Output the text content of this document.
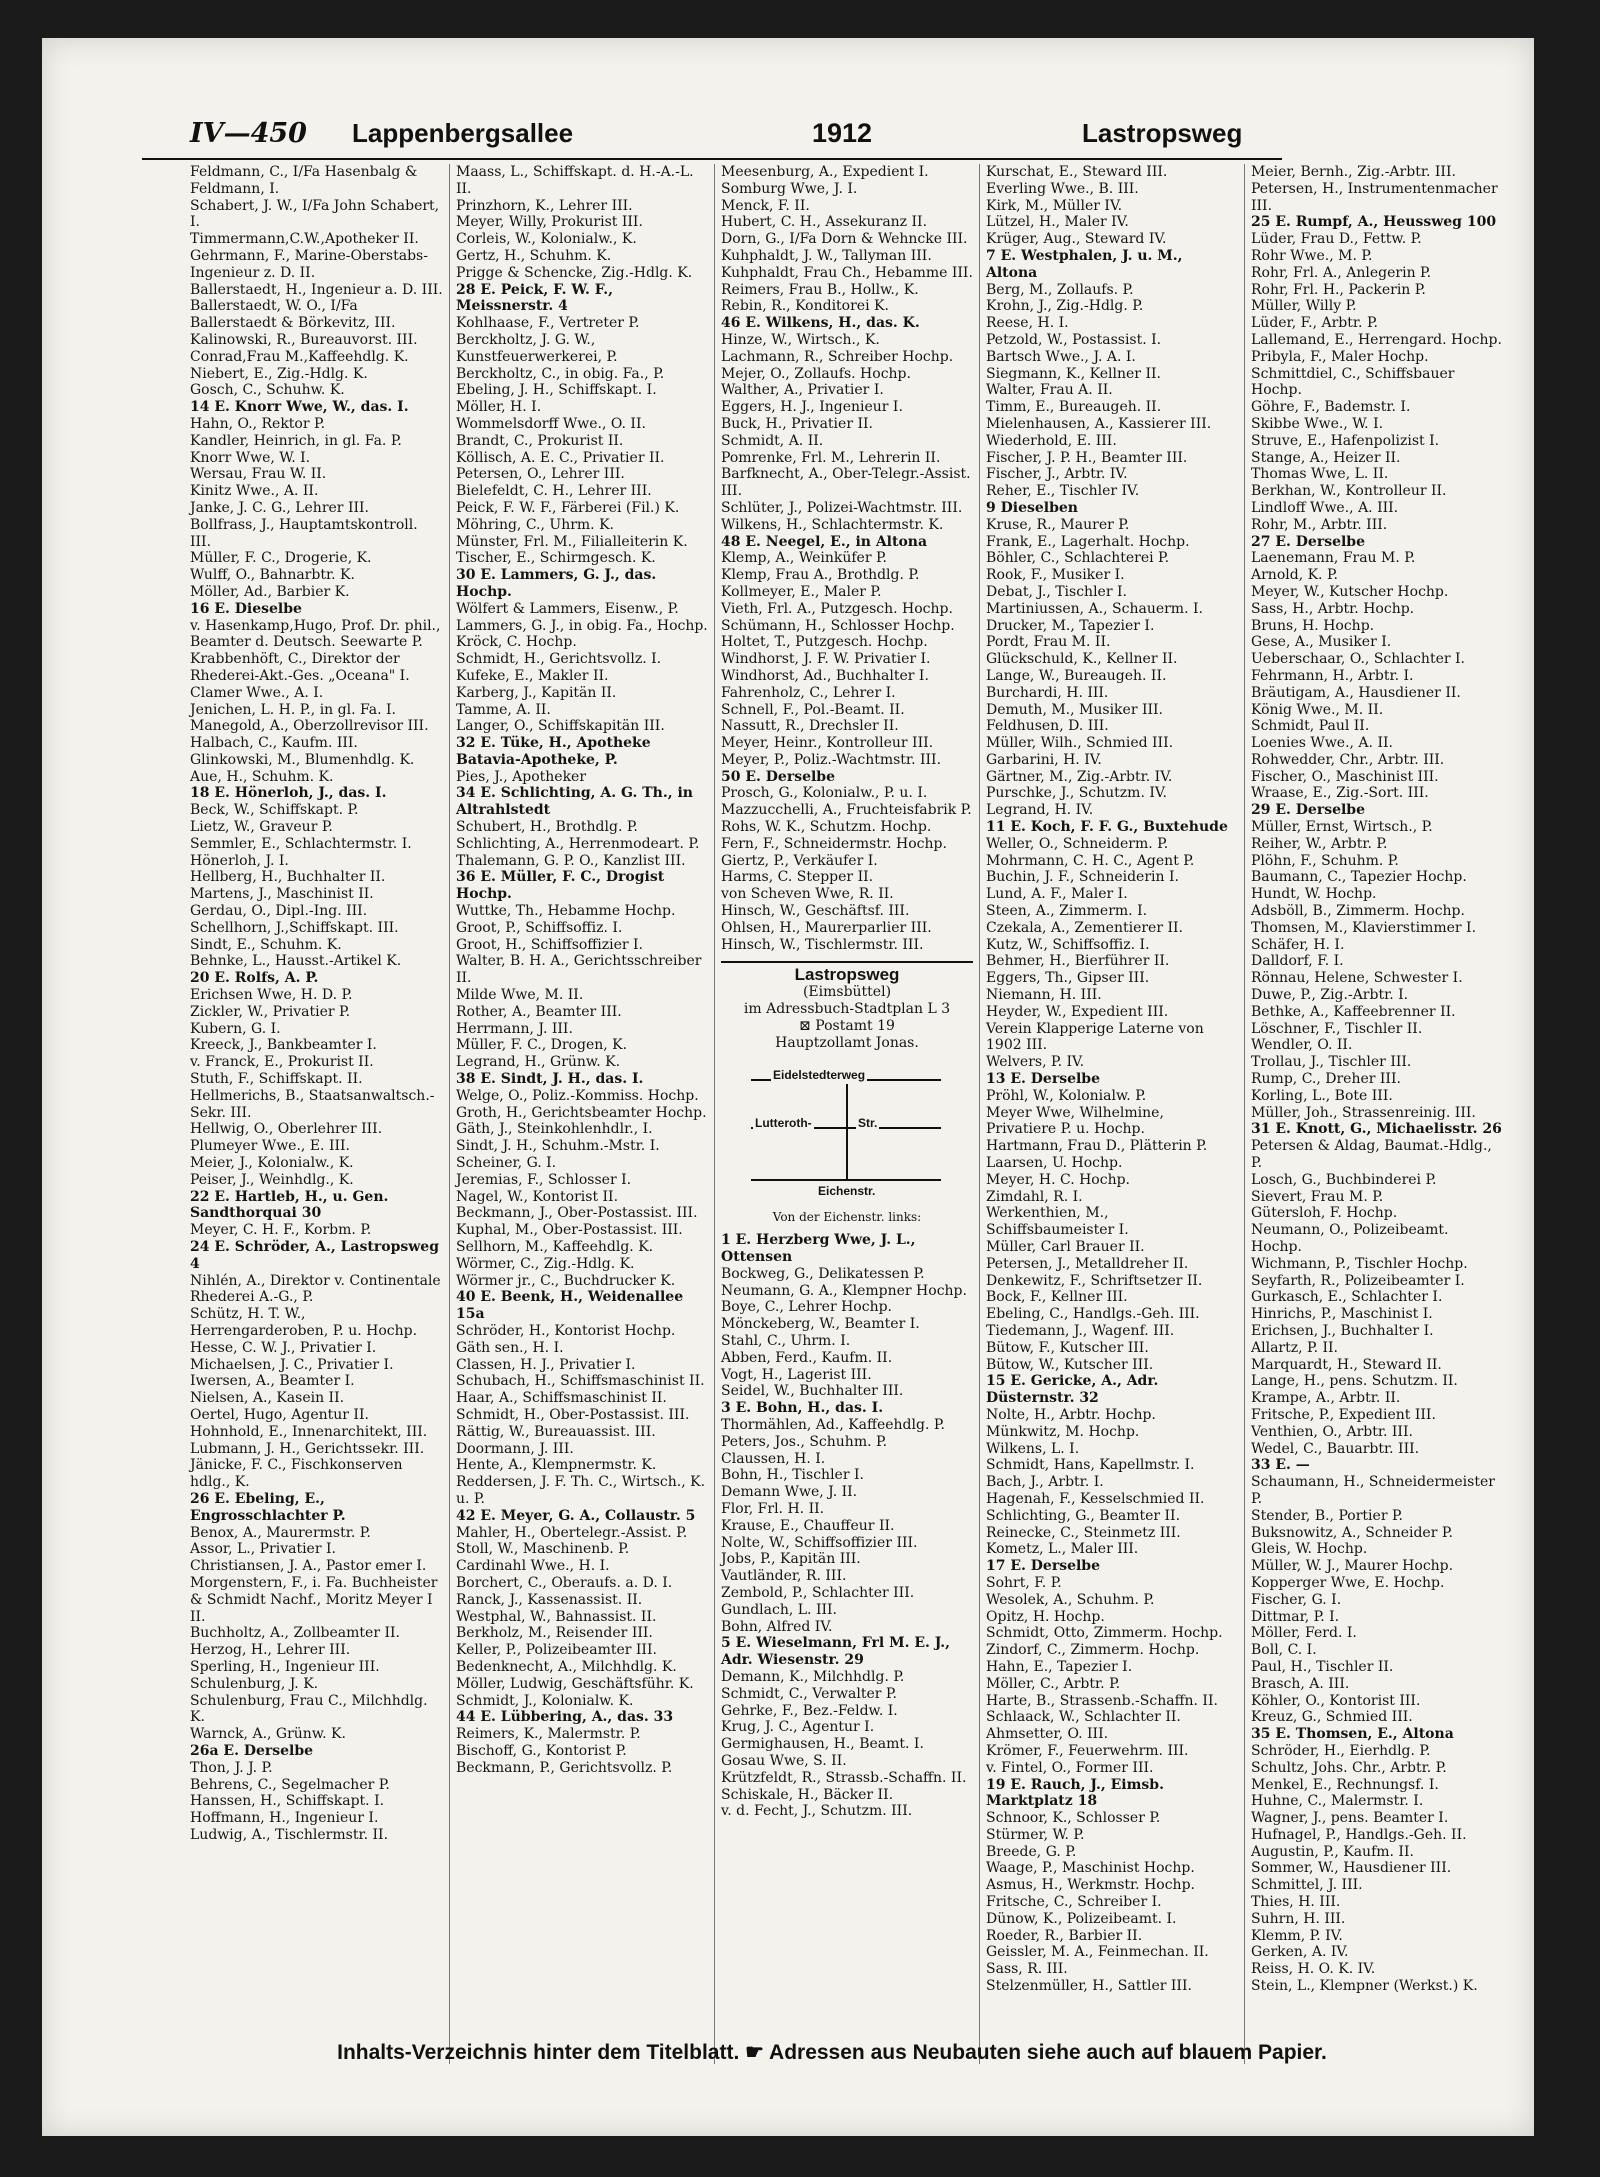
IV—450 Lappenbergsallee	1912	Lastropsweg

Feldmann, C., I/Fa Hasenbalg & Feldmann, I.

Schabert, J. W., I/Fa John Schabert, I.

Timmermann,C.W.,Apotheker II.

Gehrmann, F., Marine-Oberstabs-Ingenieur z. D. II.

Ballerstaedt, H., Ingenieur a. D. III.

Ballerstaedt, W. O., I/Fa Ballerstaedt & Börkevitz, III.

Kalinowski, R., Bureauvorst. III.

Conrad,Frau M.,Kaffeehdlg. K.

Niebert, E., Zig.-Hdlg. K.

Gosch, C., Schuhw. K.

14 E. Knorr Wwe, W., das. I.

Hahn, O., Rektor P.

Kandler, Heinrich, in gl. Fa. P.

Knorr Wwe, W. I.

Wersau, Frau W. II.

Kinitz Wwe., A. II.

Janke, J. C. G., Lehrer III.

Bollfrass, J., Hauptamtskontroll. III.

Müller, F. C., Drogerie, K.

Wulff, O., Bahnarbtr. K.

Möller, Ad., Barbier K.

16 E. Dieselbe

v. Hasenkamp,Hugo, Prof. Dr. phil., Beamter d. Deutsch. Seewarte P.

Krabbenhöft, C., Direktor der Rhederei-Akt.-Ges. „Oceana" I.

Clamer Wwe., A. I.

Jenichen, L. H. P., in gl. Fa. I.

Manegold, A., Oberzollrevisor III.

Halbach, C., Kaufm. III.

Glinkowski, M., Blumenhdlg. K.

Aue, H., Schuhm. K.

18 E. Hönerloh, J., das. I.

Beck, W., Schiffskapt. P.

Lietz, W., Graveur P.

Semmler, E., Schlachtermstr. I.

Hönerloh, J. I.

Hellberg, H., Buchhalter II.

Martens, J., Maschinist II.

Gerdau, O., Dipl.-Ing. III.

Schellhorn, J.,Schiffskapt. III.

Sindt, E., Schuhm. K.

Behnke, L., Hausst.-Artikel K.

20 E. Rolfs, A. P.

Erichsen Wwe, H. D. P.

Zickler, W., Privatier P.

Kubern, G. I.

Kreeck, J., Bankbeamter I.

v. Franck, E., Prokurist II.

Stuth, F., Schiffskapt. II.

Hellmerichs, B., Staatsanwaltsch.-Sekr. III.

Hellwig, O., Oberlehrer III.

Plumeyer Wwe., E. III.

Meier, J., Kolonialw., K.

Peiser, J., Weinhdlg., K.

22 E. Hartleb, H., u. Gen. Sandthorquai 30

Meyer, C. H. F., Korbm. P.

24 E. Schröder, A., Lastropsweg 4

Nihlén, A., Direktor v. Continentale Rhederei A.-G., P.

Schütz, H. T. W., Herrengarderoben, P. u. Hochp.

Hesse, C. W. J., Privatier I.

Michaelsen, J. C., Privatier I.

Iwersen, A., Beamter I.

Nielsen, A., Kasein II.

Oertel, Hugo, Agentur II.

Hohnhold, E., Innenarchitekt, III.

Lubmann, J. H., Gerichtssekr. III.

Jänicke, F. C., Fischkonserven hdlg., K.

26 E. Ebeling, E., Engrosschlachter P.

Benox, A., Maurermstr. P.

Assor, L., Privatier I.

Christiansen, J. A., Pastor emer I.

Morgenstern, F., i. Fa. Buchheister & Schmidt Nachf., Moritz Meyer I II.

Buchholtz, A., Zollbeamter II.

Herzog, H., Lehrer III.

Sperling, H., Ingenieur III.

Schulenburg, J. K.

Schulenburg, Frau C., Milchhdlg. K.

Warnck, A., Grünw. K.

26a E. Derselbe

Thon, J. J. P.

Behrens, C., Segelmacher P.

Hanssen, H., Schiffskapt. I.

Hoffmann, H., Ingenieur I.

Ludwig, A., Tischlermstr. II.

Maass, L., Schiffskapt. d. H.-A.-L. II.

Prinzhorn, K., Lehrer III.

Meyer, Willy, Prokurist III.

Corleis, W., Kolonialw., K.

Gertz, H., Schuhm. K.

Prigge & Schencke, Zig.-Hdlg. K.

28 E. Peick, F. W. F., Meissnerstr. 4

Kohlhaase, F., Vertreter P.

Berckholtz, J. G. W., Kunstfeuerwerkerei, P.

Berckholtz, C., in obig. Fa., P.

Ebeling, J. H., Schiffskapt. I.

Möller, H. I.

Wommelsdorff Wwe., O. II.

Brandt, C., Prokurist II.

Köllisch, A. E. C., Privatier II.

Petersen, O., Lehrer III.

Bielefeldt, C. H., Lehrer III.

Peick, F. W. F., Färberei (Fil.) K.

Möhring, C., Uhrm. K.

Münster, Frl. M., Filialleiterin K.

Tischer, E., Schirmgesch. K.

30 E. Lammers, G. J., das. Hochp.

Wölfert & Lammers, Eisenw., P.

Lammers, G. J., in obig. Fa., Hochp.

Kröck, C. Hochp.

Schmidt, H., Gerichtsvollz. I.

Kufeke, E., Makler II.

Karberg, J., Kapitän II.

Tamme, A. II.

Langer, O., Schiffskapitän III.

32 E. Tüke, H., Apotheke Batavia-Apotheke, P.

Pies, J., Apotheker

34 E. Schlichting, A. G. Th., in Altrahlstedt

Schubert, H., Brothdlg. P.

Schlichting, A., Herrenmodeart. P.

Thalemann, G. P. O., Kanzlist III.

36 E. Müller, F. C., Drogist Hochp.

Wuttke, Th., Hebamme Hochp.

Groot, P., Schiffsoffiz. I.

Groot, H., Schiffsoffizier I.

Walter, B. H. A., Gerichtsschreiber II.

Milde Wwe, M. II.

Rother, A., Beamter III.

Herrmann, J. III.

Müller, F. C., Drogen, K.

Legrand, H., Grünw. K.

38 E. Sindt, J. H., das. I.

Welge, O., Poliz.-Kommiss. Hochp.

Groth, H., Gerichtsbeamter Hochp.

Gäth, J., Steinkohlenhdlr., I.

Sindt, J. H., Schuhm.-Mstr. I.

Scheiner, G. I.

Jeremias, F., Schlosser I.

Nagel, W., Kontorist II.

Beckmann, J., Ober-Postassist. III.

Kuphal, M., Ober-Postassist. III.

Sellhorn, M., Kaffeehdlg. K.

Wörmer, C., Zig.-Hdlg. K.

Wörmer jr., C., Buchdrucker K.

40 E. Beenk, H., Weidenallee 15a

Schröder, H., Kontorist Hochp.

Gäth sen., H. I.

Classen, H. J., Privatier I.

Schubach, H., Schiffsmaschinist II.

Haar, A., Schiffsmaschinist II.

Schmidt, H., Ober-Postassist. III.

Rättig, W., Bureauassist. III.

Doormann, J. III.

Hente, A., Klempnermstr. K.

Reddersen, J. F. Th. C., Wirtsch., K. u. P.

42 E. Meyer, G. A., Collaustr. 5

Mahler, H., Obertelegr.-Assist. P.

Stoll, W., Maschinenb. P.

Cardinahl Wwe., H. I.

Borchert, C., Oberaufs. a. D. I.

Ranck, J., Kassenassist. II.

Westphal, W., Bahnassist. II.

Berkholz, M., Reisender III.

Keller, P., Polizeibeamter III.

Bedenknecht, A., Milchhdlg. K.

Möller, Ludwig, Geschäftsführ. K.

Schmidt, J., Kolonialw. K.

44 E. Lübbering, A., das. 33

Reimers, K., Malermstr. P.

Bischoff, G., Kontorist P.

Beckmann, P., Gerichtsvollz. P.

Meesenburg, A., Expedient I.

Somburg Wwe, J. I.

Menck, F. II.

Hubert, C. H., Assekuranz II.

Dorn, G., I/Fa Dorn & Wehncke III.

Kuhphaldt, J. W., Tallyman III.

Kuhphaldt, Frau Ch., Hebamme III.

Reimers, Frau B., Hollw., K.

Rebin, R., Konditorei K.

46 E. Wilkens, H., das. K.

Hinze, W., Wirtsch., K.

Lachmann, R., Schreiber Hochp.

Mejer, O., Zollaufs. Hochp.

Walther, A., Privatier I.

Eggers, H. J., Ingenieur I.

Buck, H., Privatier II.

Schmidt, A. II.

Pomrenke, Frl. M., Lehrerin II.

Barfknecht, A., Ober-Telegr.-Assist. III.

Schlüter, J., Polizei-Wachtmstr. III.

Wilkens, H., Schlachtermstr. K.

48 E. Neegel, E., in Altona

Klemp, A., Weinküfer P.

Klemp, Frau A., Brothdlg. P.

Kollmeyer, E., Maler P.

Vieth, Frl. A., Putzgesch. Hochp.

Schümann, H., Schlosser Hochp.

Holtet, T., Putzgesch. Hochp.

Windhorst, J. F. W. Privatier I.

Windhorst, Ad., Buchhalter I.

Fahrenholz, C., Lehrer I.

Schnell, F., Pol.-Beamt. II.

Nassutt, R., Drechsler II.

Meyer, Heinr., Kontrolleur III.

Meyer, P., Poliz.-Wachtmstr. III.

50 E. Derselbe

Prosch, G., Kolonialw., P. u. I.

Mazzucchelli, A., Fruchteisfabrik P.

Rohs, W. K., Schutzm. Hochp.

Fern, F., Schneidermstr. Hochp.

Giertz, P., Verkäufer I.

Harms, C. Stepper II.

von Scheven Wwe, R. II.

Hinsch, W., Geschäftsf. III.

Ohlsen, H., Maurerparlier III.

Hinsch, W., Tischlermstr. III.

Lastropsweg
(Eimsbüttel)
im Adressbuch-Stadtplan L 3
⊠ Postamt 19
Hauptzollamt Jonas.
Eidelstedterweg
Lutteroth-	Str.
Eichenstr.
Von der Eichenstr. links:

1 E. Herzberg Wwe, J. L., Ottensen

Bockweg, G., Delikatessen P.

Neumann, G. A., Klempner Hochp.

Boye, C., Lehrer Hochp.

Mönckeberg, W., Beamter I.

Stahl, C., Uhrm. I.

Abben, Ferd., Kaufm. II.

Vogt, H., Lagerist III.

Seidel, W., Buchhalter III.

3 E. Bohn, H., das. I.

Thormählen, Ad., Kaffeehdlg. P.

Peters, Jos., Schuhm. P.

Claussen, H. I.

Bohn, H., Tischler I.

Demann Wwe, J. II.

Flor, Frl. H. II.

Krause, E., Chauffeur II.

Nolte, W., Schiffsoffizier III.

Jobs, P., Kapitän III.

Vautländer, R. III.

Zembold, P., Schlachter III.

Gundlach, L. III.

Bohn, Alfred IV.

5 E. Wieselmann, Frl M. E. J., Adr. Wiesenstr. 29

Demann, K., Milchhdlg. P.

Schmidt, C., Verwalter P.

Gehrke, F., Bez.-Feldw. I.

Krug, J. C., Agentur I.

Germighausen, H., Beamt. I.

Gosau Wwe, S. II.

Krützfeldt, R., Strassb.-Schaffn. II.

Schiskale, H., Bäcker II.

v. d. Fecht, J., Schutzm. III.

Kurschat, E., Steward III.

Everling Wwe., B. III.

Kirk, M., Müller IV.

Lützel, H., Maler IV.

Krüger, Aug., Steward IV.

7 E. Westphalen, J. u. M., Altona

Berg, M., Zollaufs. P.

Krohn, J., Zig.-Hdlg. P.

Reese, H. I.

Petzold, W., Postassist. I.

Bartsch Wwe., J. A. I.

Siegmann, K., Kellner II.

Walter, Frau A. II.

Timm, E., Bureaugeh. II.

Mielenhausen, A., Kassierer III.

Wiederhold, E. III.

Fischer, J. P. H., Beamter III.

Fischer, J., Arbtr. IV.

Reher, E., Tischler IV.

9 Dieselben

Kruse, R., Maurer P.

Frank, E., Lagerhalt. Hochp.

Böhler, C., Schlachterei P.

Rook, F., Musiker I.

Debat, J., Tischler I.

Martiniussen, A., Schauerm. I.

Drucker, M., Tapezier I.

Pordt, Frau M. II.

Glückschuld, K., Kellner II.

Lange, W., Bureaugeh. II.

Burchardi, H. III.

Demuth, M., Musiker III.

Feldhusen, D. III.

Müller, Wilh., Schmied III.

Garbarini, H. IV.

Gärtner, M., Zig.-Arbtr. IV.

Purschke, J., Schutzm. IV.

Legrand, H. IV.

11 E. Koch, F. F. G., Buxtehude

Weller, O., Schneiderm. P.

Mohrmann, C. H. C., Agent P.

Buchin, J. F., Schneiderin I.

Lund, A. F., Maler I.

Steen, A., Zimmerm. I.

Czekala, A., Zementierer II.

Kutz, W., Schiffsoffiz. I.

Behmer, H., Bierführer II.

Eggers, Th., Gipser III.

Niemann, H. III.

Heyder, W., Expedient III.

Verein Klapperige Laterne von 1902 III.

Welvers, P. IV.

13 E. Derselbe

Pröhl, W., Kolonialw. P.

Meyer Wwe, Wilhelmine, Privatiere P. u. Hochp.

Hartmann, Frau D., Plätterin P.

Laarsen, U. Hochp.

Meyer, H. C. Hochp.

Zimdahl, R. I.

Werkenthien, M., Schiffsbaumeister I.

Müller, Carl Brauer II.

Petersen, J., Metalldreher II.

Denkewitz, F., Schriftsetzer II.

Bock, F., Kellner III.

Ebeling, C., Handlgs.-Geh. III.

Tiedemann, J., Wagenf. III.

Bütow, F., Kutscher III.

Bütow, W., Kutscher III.

15 E. Gericke, A., Adr. Düsternstr. 32

Nolte, H., Arbtr. Hochp.

Münkwitz, M. Hochp.

Wilkens, L. I.

Schmidt, Hans, Kapellmstr. I.

Bach, J., Arbtr. I.

Hagenah, F., Kesselschmied II.

Schlichting, G., Beamter II.

Reinecke, C., Steinmetz III.

Kometz, L., Maler III.

17 E. Derselbe

Sohrt, F. P.

Wesolek, A., Schuhm. P.

Opitz, H. Hochp.

Schmidt, Otto, Zimmerm. Hochp.

Zindorf, C., Zimmerm. Hochp.

Hahn, E., Tapezier I.

Möller, C., Arbtr. P.

Harte, B., Strassenb.-Schaffn. II.

Schlaack, W., Schlachter II.

Ahmsetter, O. III.

Krömer, F., Feuerwehrm. III.

v. Fintel, O., Former III.

19 E. Rauch, J., Eimsb. Marktplatz 18

Schnoor, K., Schlosser P.

Stürmer, W. P.

Breede, G. P.

Waage, P., Maschinist Hochp.

Asmus, H., Werkmstr. Hochp.

Fritsche, C., Schreiber I.

Dünow, K., Polizeibeamt. I.

Roeder, R., Barbier II.

Geissler, M. A., Feinmechan. II.

Sass, R. III.

Stelzenmüller, H., Sattler III.

Meier, Bernh., Zig.-Arbtr. III.

Petersen, H., Instrumentenmacher III.

25 E. Rumpf, A., Heussweg 100

Lüder, Frau D., Fettw. P.

Rohr Wwe., M. P.

Rohr, Frl. A., Anlegerin P.

Rohr, Frl. H., Packerin P.

Müller, Willy P.

Lüder, F., Arbtr. P.

Lallemand, E., Herrengard. Hochp.

Pribyla, F., Maler Hochp.

Schmittdiel, C., Schiffsbauer Hochp.

Göhre, F., Bademstr. I.

Skibbe Wwe., W. I.

Struve, E., Hafenpolizist I.

Stange, A., Heizer II.

Thomas Wwe, L. II.

Berkhan, W., Kontrolleur II.

Lindloff Wwe., A. III.

Rohr, M., Arbtr. III.

27 E. Derselbe

Laenemann, Frau M. P.

Arnold, K. P.

Meyer, W., Kutscher Hochp.

Sass, H., Arbtr. Hochp.

Bruns, H. Hochp.

Gese, A., Musiker I.

Ueberschaar, O., Schlachter I.

Fehrmann, H., Arbtr. I.

Bräutigam, A., Hausdiener II.

König Wwe., M. II.

Schmidt, Paul II.

Loenies Wwe., A. II.

Rohwedder, Chr., Arbtr. III.

Fischer, O., Maschinist III.

Wraase, E., Zig.-Sort. III.

29 E. Derselbe

Müller, Ernst, Wirtsch., P.

Reiher, W., Arbtr. P.

Plöhn, F., Schuhm. P.

Baumann, C., Tapezier Hochp.

Hundt, W. Hochp.

Adsböll, B., Zimmerm. Hochp.

Thomsen, M., Klavierstimmer I.

Schäfer, H. I.

Dalldorf, F. I.

Rönnau, Helene, Schwester I.

Duwe, P., Zig.-Arbtr. I.

Bethke, A., Kaffeebrenner II.

Löschner, F., Tischler II.

Wendler, O. II.

Trollau, J., Tischler III.

Rump, C., Dreher III.

Korling, L., Bote III.

Müller, Joh., Strassenreinig. III.

31 E. Knott, G., Michaelisstr. 26

Petersen & Aldag, Baumat.-Hdlg., P.

Losch, G., Buchbinderei P.

Sievert, Frau M. P.

Gütersloh, F. Hochp.

Neumann, O., Polizeibeamt. Hochp.

Wichmann, P., Tischler Hochp.

Seyfarth, R., Polizeibeamter I.

Gurkasch, E., Schlachter I.

Hinrichs, P., Maschinist I.

Erichsen, J., Buchhalter I.

Allartz, P. II.

Marquardt, H., Steward II.

Lange, H., pens. Schutzm. II.

Krampe, A., Arbtr. II.

Fritsche, P., Expedient III.

Venthien, O., Arbtr. III.

Wedel, C., Bauarbtr. III.

33 E. —

Schaumann, H., Schneidermeister P.

Stender, B., Portier P.

Buksnowitz, A., Schneider P.

Gleis, W. Hochp.

Müller, W. J., Maurer Hochp.

Kopperger Wwe, E. Hochp.

Fischer, G. I.

Dittmar, P. I.

Möller, Ferd. I.

Boll, C. I.

Paul, H., Tischler II.

Brasch, A. III.

Köhler, O., Kontorist III.

Kreuz, G., Schmied III.

35 E. Thomsen, E., Altona

Schröder, H., Eierhdlg. P.

Schultz, Johs. Chr., Arbtr. P.

Menkel, E., Rechnungsf. I.

Huhne, C., Malermstr. I.

Wagner, J., pens. Beamter I.

Hufnagel, P., Handlgs.-Geh. II.

Augustin, P., Kaufm. II.

Sommer, W., Hausdiener III.

Schmittel, J. III.

Thies, H. III.

Suhrn, H. III.

Klemm, P. IV.

Gerken, A. IV.

Reiss, H. O. K. IV.

Stein, L., Klempner (Werkst.) K.

Inhalts-Verzeichnis hinter dem Titelblatt. ☛ Adressen aus Neubauten siehe auch auf blauem Papier.
